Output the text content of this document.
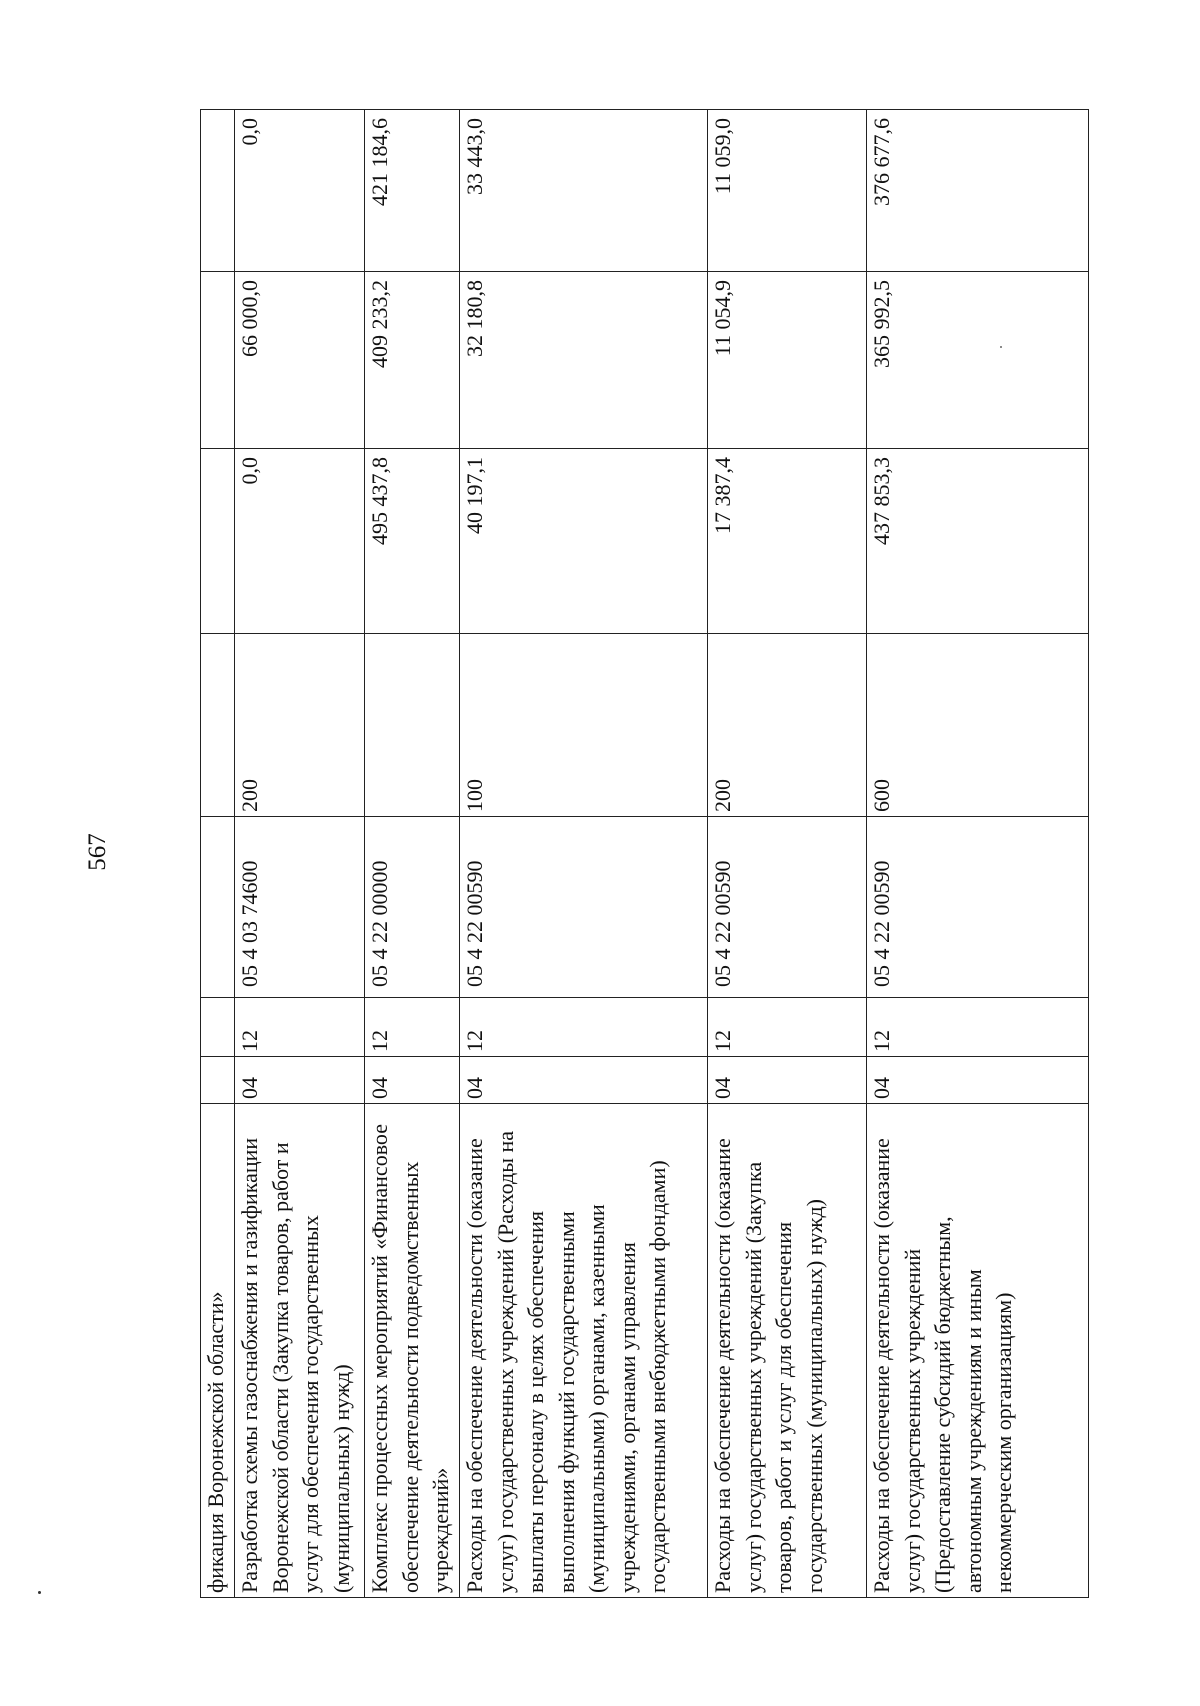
567
фикация Воронежской области»							
Разработка схемы газоснабжения и газификации Воронежской области (Закупка товаров, работ и услуг для обеспечения государственных (муниципальных) нужд)	04	12	05 4 03 74600	200	0,0	66 000,0	0,0
Комплекс процессных мероприятий «Финансовое обеспечение деятельности подведомственных учреждений»	04	12	05 4 22 00000		495 437,8	409 233,2	421 184,6
Расходы на обеспечение деятельности (оказание услуг) государственных учреждений (Расходы на выплаты персоналу в целях обеспечения выполнения функций государственными (муниципальными) органами, казенными учреждениями, органами управления государственными внебюджетными фондами)	04	12	05 4 22 00590	100	40 197,1	32 180,8	33 443,0
Расходы на обеспечение деятельности (оказание услуг) государственных учреждений (Закупка товаров, работ и услуг для обеспечения государственных (муниципальных) нужд)	04	12	05 4 22 00590	200	17 387,4	11 054,9	11 059,0
Расходы на обеспечение деятельности (оказание услуг) государственных учреждений (Предоставление субсидий бюджетным, автономным учреждениям и иным некоммерческим организациям)	04	12	05 4 22 00590	600	437 853,3	365 992,5	376 677,6
